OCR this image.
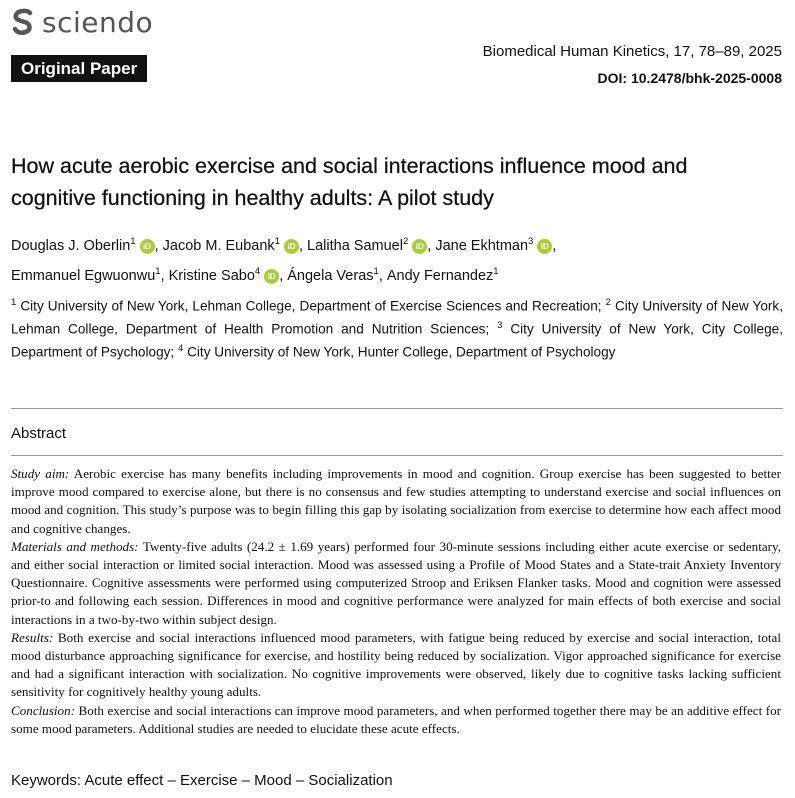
sciendo
Original Paper
Biomedical Human Kinetics, 17, 78–89, 2025
DOI: 10.2478/bhk-2025-0008
How acute aerobic exercise and social interactions influence mood and cognitive functioning in healthy adults: A pilot study
Douglas J. Oberlin$^1$ iD , Jacob M. Eubank$^1$ iD , Lalitha Samuel$^2$ iD , Jane Ekhtman$^3$ iD ,
Emmanuel Egwuonwu$^1$, Kristine Sabo$^4$ iD , Ángela Veras$^1$, Andy Fernandez$^1$
$^1$ City University of New York, Lehman College, Department of Exercise Sciences and Recreation; $^2$ City University of New York, Lehman College, Department of Health Promotion and Nutrition Sciences; $^3$ City University of New York, City College, Department of Psychology; $^4$ City University of New York, Hunter College, Department of Psychology
Abstract

Study aim: Aerobic exercise has many benefits including improvements in mood and cognition. Group exercise has been suggested to better improve mood compared to exercise alone, but there is no consensus and few studies attempting to understand exercise and social influences on mood and cognition. This study’s purpose was to begin filling this gap by isolating socialization from exercise to determine how each affect mood and cognitive changes.

Materials and methods: Twenty-five adults (24.2 ± 1.69 years) performed four 30-minute sessions including either acute exercise or sedentary, and either social interaction or limited social interaction. Mood was assessed using a Profile of Mood States and a State-trait Anxiety Inventory Questionnaire. Cognitive assessments were performed using computerized Stroop and Eriksen Flanker tasks. Mood and cognition were assessed prior-to and following each session. Differences in mood and cognitive performance were analyzed for main effects of both exercise and social interactions in a two-by-two within subject design.

Results: Both exercise and social interactions influenced mood parameters, with fatigue being reduced by exercise and social interaction, total mood disturbance approaching significance for exercise, and hostility being reduced by socialization. Vigor approached significance for exercise and had a significant interaction with socialization. No cognitive improvements were observed, likely due to cognitive tasks lacking sufficient sensitivity for cognitively healthy young adults.

Conclusion: Both exercise and social interactions can improve mood parameters, and when performed together there may be an additive effect for some mood parameters. Additional studies are needed to elucidate these acute effects.

Keywords: Acute effect – Exercise – Mood – Socialization
